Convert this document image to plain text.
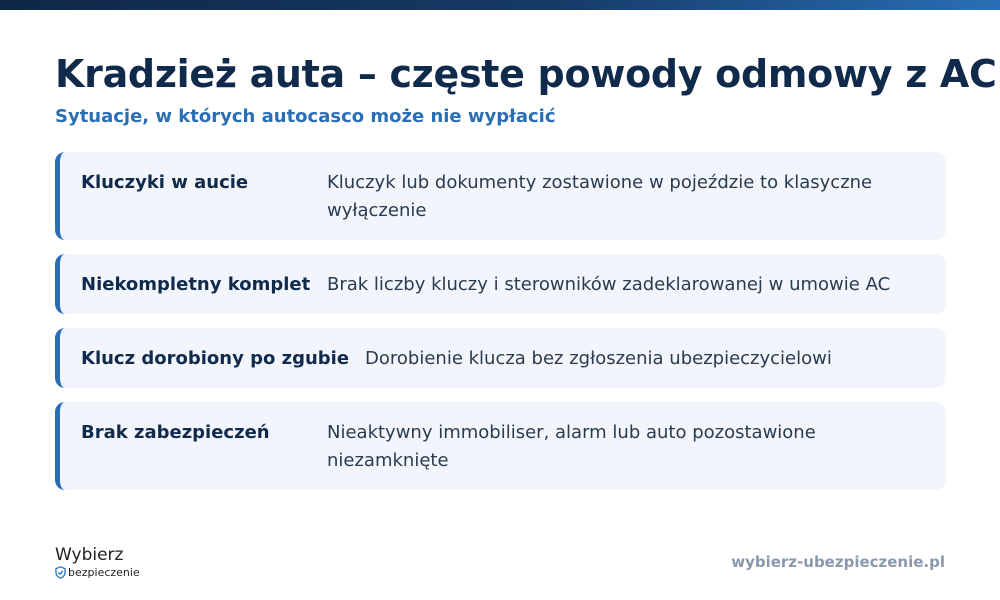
Kradzież auta – częste powody odmowy z AC
Sytuacje, w których autocasco może nie wypłacić
Kluczyki w aucie	Kluczyk lub dokumenty zostawione w pojeździe to klasyczne wyłączenie
Niekompletny komplet Brak liczby kluczy i sterowników zadeklarowanej w umowie AC
Klucz dorobiony po zgubie Dorobienie klucza bez zgłoszenia ubezpieczycielowi
Brak zabezpieczeń	Nieaktywny immobiliser, alarm lub auto pozostawione niezamknięte
Wybierz
bezpieczenie
wybierz-ubezpieczenie.pl
